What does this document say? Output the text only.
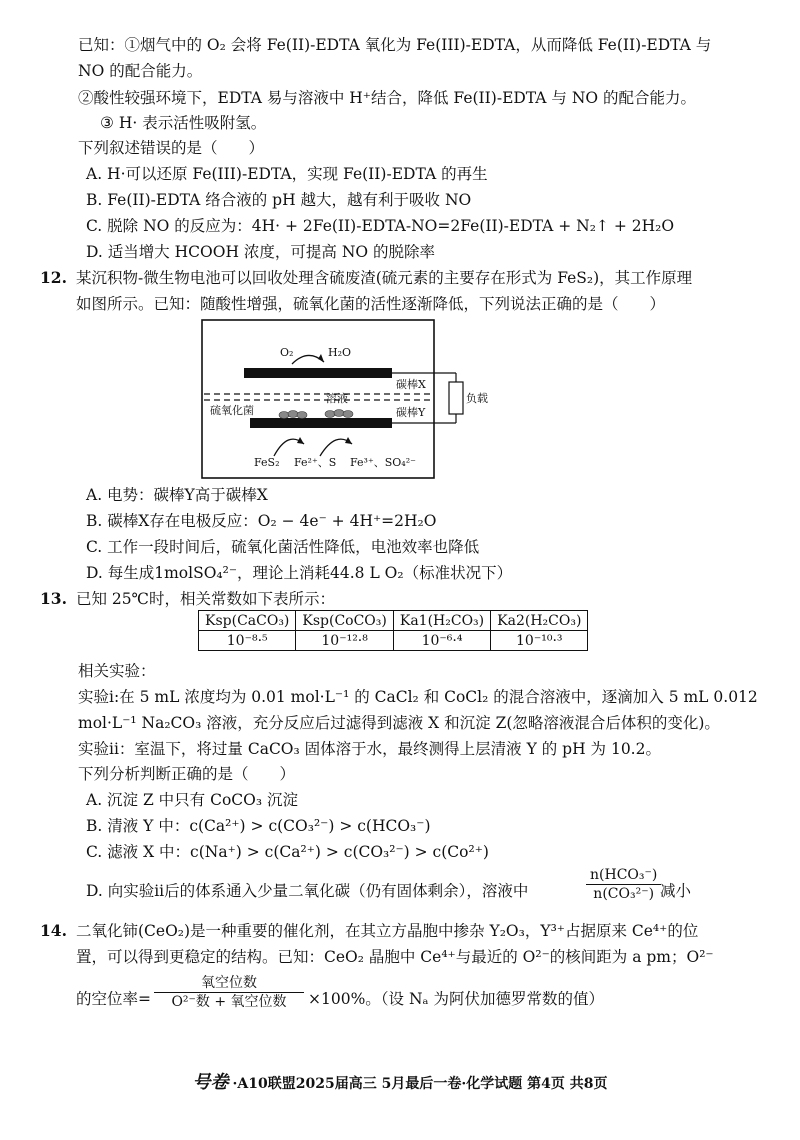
已知：①烟气中的 O₂ 会将 Fe(II)-EDTA 氧化为 Fe(III)-EDTA，从而降低 Fe(II)-EDTA 与
NO 的配合能力。
②酸性较强环境下，EDTA 易与溶液中 H⁺结合，降低 Fe(II)-EDTA 与 NO 的配合能力。
③ H· 表示活性吸附氢。
下列叙述错误的是（　　）
A. H·可以还原 Fe(III)-EDTA，实现 Fe(II)-EDTA 的再生
B. Fe(II)-EDTA 络合液的 pH 越大，越有利于吸收 NO
C. 脱除 NO 的反应为：4H· + 2Fe(II)-EDTA-NO=2Fe(II)-EDTA + N₂↑ + 2H₂O
D. 适当增大 HCOOH 浓度，可提高 NO 的脱除率
12. 某沉积物-微生物电池可以回收处理含硫废渣(硫元素的主要存在形式为 FeS₂)，其工作原理
如图所示。已知：随酸性增强，硫氧化菌的活性逐渐降低，下列说法正确的是（　　）
O₂	H₂O
溶液
硫氧化菌
碳棒X
碳棒Y
FeS₂ Fe²⁺、S Fe³⁺、SO₄²⁻
负载
A. 电势：碳棒Y高于碳棒X
B. 碳棒X存在电极反应：O₂ − 4e⁻ + 4H⁺=2H₂O
C. 工作一段时间后，硫氧化菌活性降低，电池效率也降低
D. 每生成1molSO₄²⁻，理论上消耗44.8 L O₂（标准状况下）
13. 已知 25℃时，相关常数如下表所示：
Ksp(CaCO₃)	Ksp(CoCO₃)	Ka1(H₂CO₃)	Ka2(H₂CO₃)
10⁻⁸·⁵	10⁻¹²·⁸	10⁻⁶·⁴	10⁻¹⁰·³
相关实验：
实验i:在 5 mL 浓度均为 0.01 mol·L⁻¹ 的 CaCl₂ 和 CoCl₂ 的混合溶液中，逐滴加入 5 mL 0.012
mol·L⁻¹ Na₂CO₃ 溶液，充分反应后过滤得到滤液 X 和沉淀 Z(忽略溶液混合后体积的变化)。
实验ii：室温下，将过量 CaCO₃ 固体溶于水，最终测得上层清液 Y 的 pH 为 10.2。
下列分析判断正确的是（　　）
A. 沉淀 Z 中只有 CoCO₃ 沉淀
B. 清液 Y 中：c(Ca²⁺) > c(CO₃²⁻) > c(HCO₃⁻)
C. 滤液 X 中：c(Na⁺) > c(Ca²⁺) > c(CO₃²⁻) > c(Co²⁺)
D. 向实验ii后的体系通入少量二氧化碳（仍有固体剩余），溶液中
n(HCO₃⁻)
n(CO₃²⁻) 减小
14. 二氧化铈(CeO₂)是一种重要的催化剂，在其立方晶胞中掺杂 Y₂O₃，Y³⁺占据原来 Ce⁴⁺的位
置，可以得到更稳定的结构。已知：CeO₂ 晶胞中 Ce⁴⁺与最近的 O²⁻的核间距为 a pm；O²⁻
的空位率=
氧空位数
O²⁻数 + 氧空位数	×100%。（设 Nₐ 为阿伏加德罗常数的值）
号卷 ·A10联盟2025届高三 5月最后一卷·化学试题 第4页 共8页
